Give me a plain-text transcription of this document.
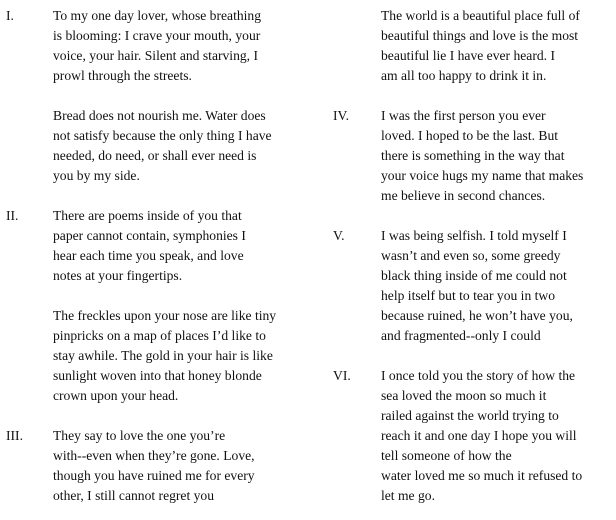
I.	To my one day lover, whose breathing
is blooming: I crave your mouth, your
voice, your hair. Silent and starving, I
prowl through the streets.
Bread does not nourish me. Water does
not satisfy because the only thing I have
needed, do need, or shall ever need is
you by my side.
II.	There are poems inside of you that
paper cannot contain, symphonies I
hear each time you speak, and love
notes at your fingertips.
The freckles upon your nose are like tiny
pinpricks on a map of places I’d like to
stay awhile. The gold in your hair is like
sunlight woven into that honey blonde
crown upon your head.
III. They say to love the one you’re
with--even when they’re gone. Love,
though you have ruined me for every
other, I still cannot regret you
The world is a beautiful place full of
beautiful things and love is the most
beautiful lie I have ever heard. I
am all too happy to drink it in.
IV. I was the first person you ever
loved. I hoped to be the last. But
there is something in the way that
your voice hugs my name that makes
me believe in second chances.
V.	I was being selfish. I told myself I
wasn’t and even so, some greedy
black thing inside of me could not
help itself but to tear you in two
because ruined, he won’t have you,
and fragmented--only I could
VI. I once told you the story of how the
sea loved the moon so much it
railed against the world trying to
reach it and one day I hope you will
tell someone of how the
water loved me so much it refused to
let me go.
